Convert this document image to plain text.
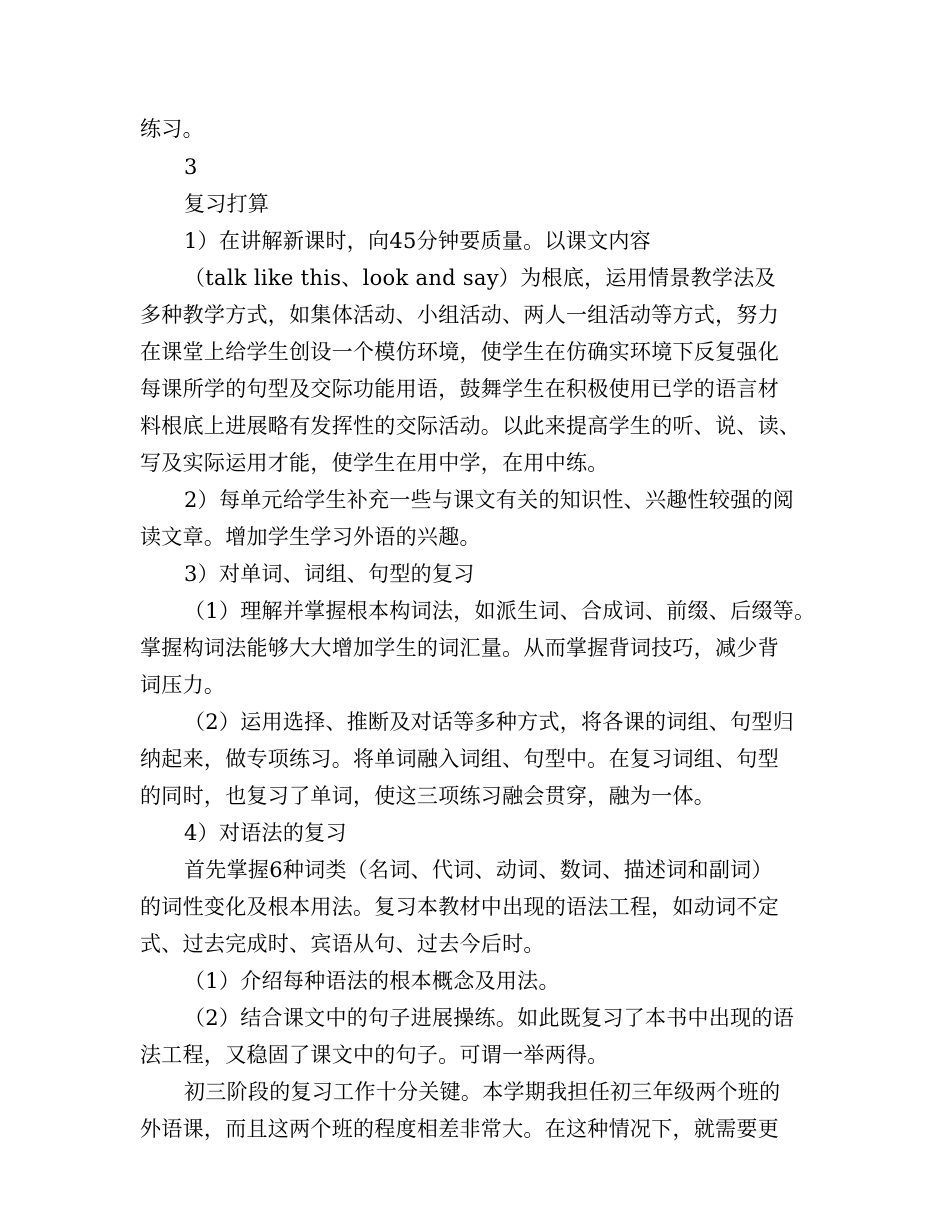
练习。
3
复习打算
1）在讲解新课时，向45分钟要质量。以课文内容
（talk like this、look and say）为根底，运用情景教学法及
多种教学方式，如集体活动、小组活动、两人一组活动等方式，努力
在课堂上给学生创设一个模仿环境，使学生在仿确实环境下反复强化
每课所学的句型及交际功能用语，鼓舞学生在积极使用已学的语言材
料根底上进展略有发挥性的交际活动。以此来提高学生的听、说、读、
写及实际运用才能，使学生在用中学，在用中练。
2）每单元给学生补充一些与课文有关的知识性、兴趣性较强的阅
读文章。增加学生学习外语的兴趣。
3）对单词、词组、句型的复习
（1）理解并掌握根本构词法，如派生词、合成词、前缀、后缀等。
掌握构词法能够大大增加学生的词汇量。从而掌握背词技巧，减少背
词压力。
（2）运用选择、推断及对话等多种方式，将各课的词组、句型归
纳起来，做专项练习。将单词融入词组、句型中。在复习词组、句型
的同时，也复习了单词，使这三项练习融会贯穿，融为一体。
4）对语法的复习
首先掌握6种词类（名词、代词、动词、数词、描述词和副词）
的词性变化及根本用法。复习本教材中出现的语法工程，如动词不定
式、过去完成时、宾语从句、过去今后时。
（1）介绍每种语法的根本概念及用法。
（2）结合课文中的句子进展操练。如此既复习了本书中出现的语
法工程，又稳固了课文中的句子。可谓一举两得。
初三阶段的复习工作十分关键。本学期我担任初三年级两个班的
外语课，而且这两个班的程度相差非常大。在这种情况下，就需要更
